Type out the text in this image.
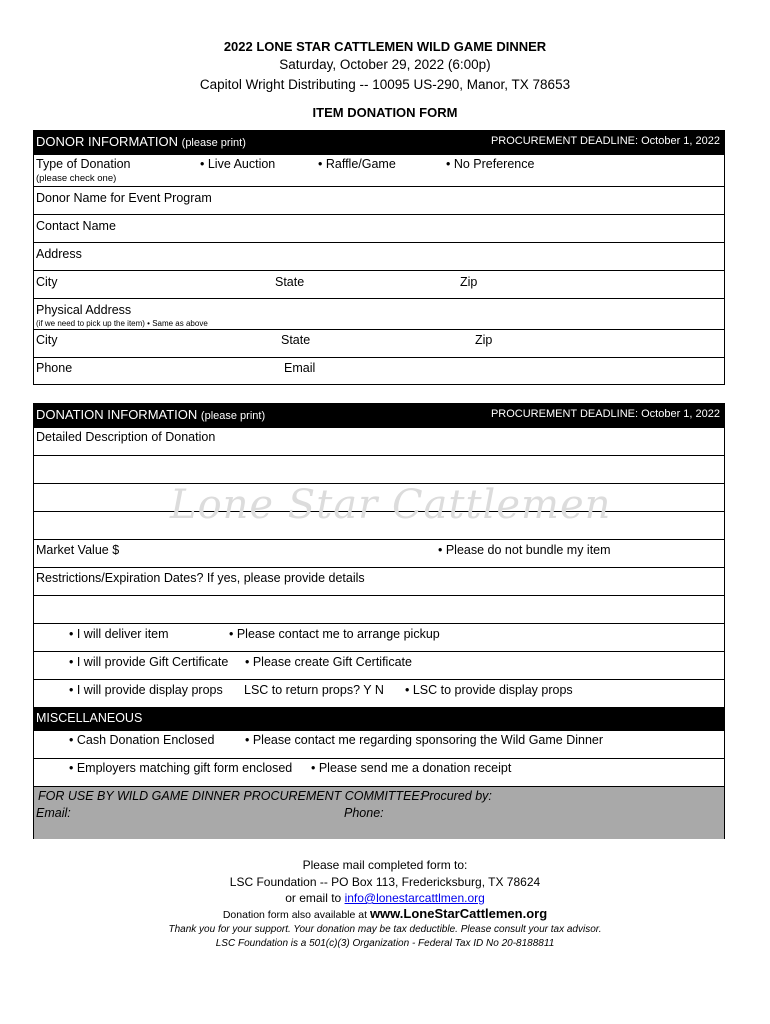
2022 LONE STAR CATTLEMEN WILD GAME DINNER
Saturday, October 29, 2022 (6:00p)
Capitol Wright Distributing -- 10095 US-290, Manor, TX 78653
ITEM DONATION FORM
DONOR INFORMATION (please print)	PROCUREMENT DEADLINE: October 1, 2022
Type of Donation
(please check one)
• Live Auction	• Raffle/Game	• No Preference
Donor Name for Event Program
Contact Name
Address
City	State	Zip
Physical Address
(if we need to pick up the item) • Same as above
City	State	Zip
Phone	Email
DONATION INFORMATION (please print)	PROCUREMENT DEADLINE: October 1, 2022
Detailed Description of Donation
Market Value $	• Please do not bundle my item
Restrictions/Expiration Dates? If yes, please provide details
• I will deliver item	• Please contact me to arrange pickup
• I will provide Gift Certificate • Please create Gift Certificate
• I will provide display props LSC to return props? Y N • LSC to provide display props
MISCELLANEOUS
• Cash Donation Enclosed • Please contact me regarding sponsoring the Wild Game Dinner
• Employers matching gift form enclosed • Please send me a donation receipt
FOR USE BY WILD GAME DINNER PROCUREMENT COMMITTEE:
Procured by:
Email:	Phone:
Lone Star Cattlemen
Please mail completed form to:
LSC Foundation -- PO Box 113, Fredericksburg, TX 78624
or email to info@lonestarcattlmen.org
Donation form also available at www.LoneStarCattlemen.org
Thank you for your support. Your donation may be tax deductible. Please consult your tax advisor.
LSC Foundation is a 501(c)(3) Organization - Federal Tax ID No 20-8188811
